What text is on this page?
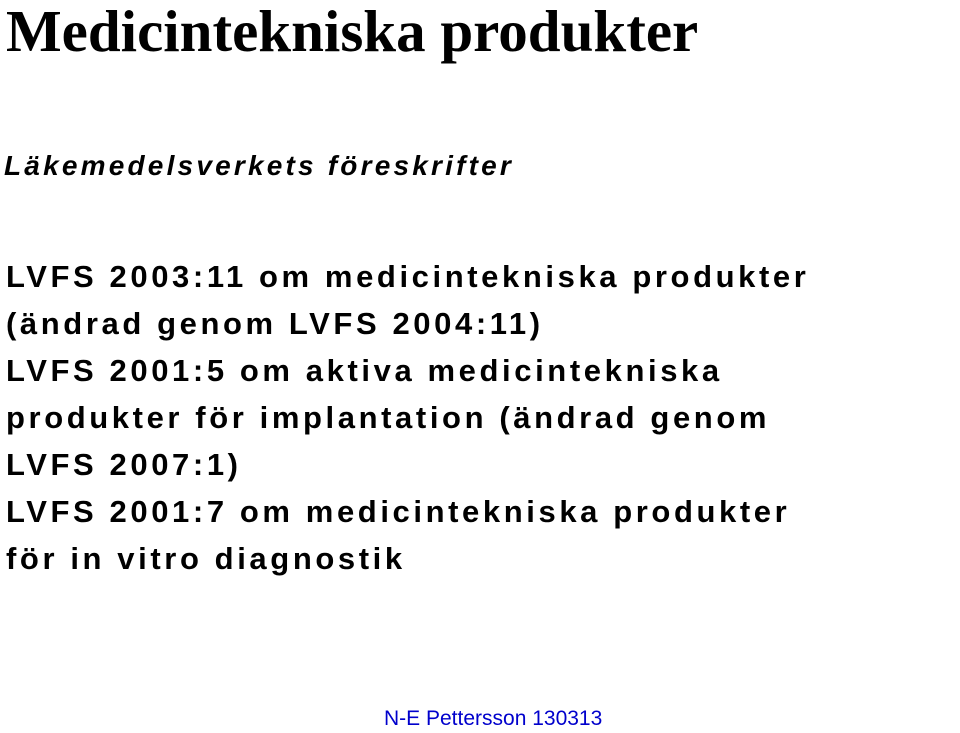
Medicintekniska produkter

Läkemedelsverkets föreskrifter

LVFS 2003:11 om medicintekniska produkter
(ändrad genom LVFS 2004:11)
LVFS 2001:5 om aktiva medicintekniska
produkter för implantation (ändrad genom
LVFS 2007:1)
LVFS 2001:7 om medicintekniska produkter
för in vitro diagnostik

N-E Pettersson 130313
